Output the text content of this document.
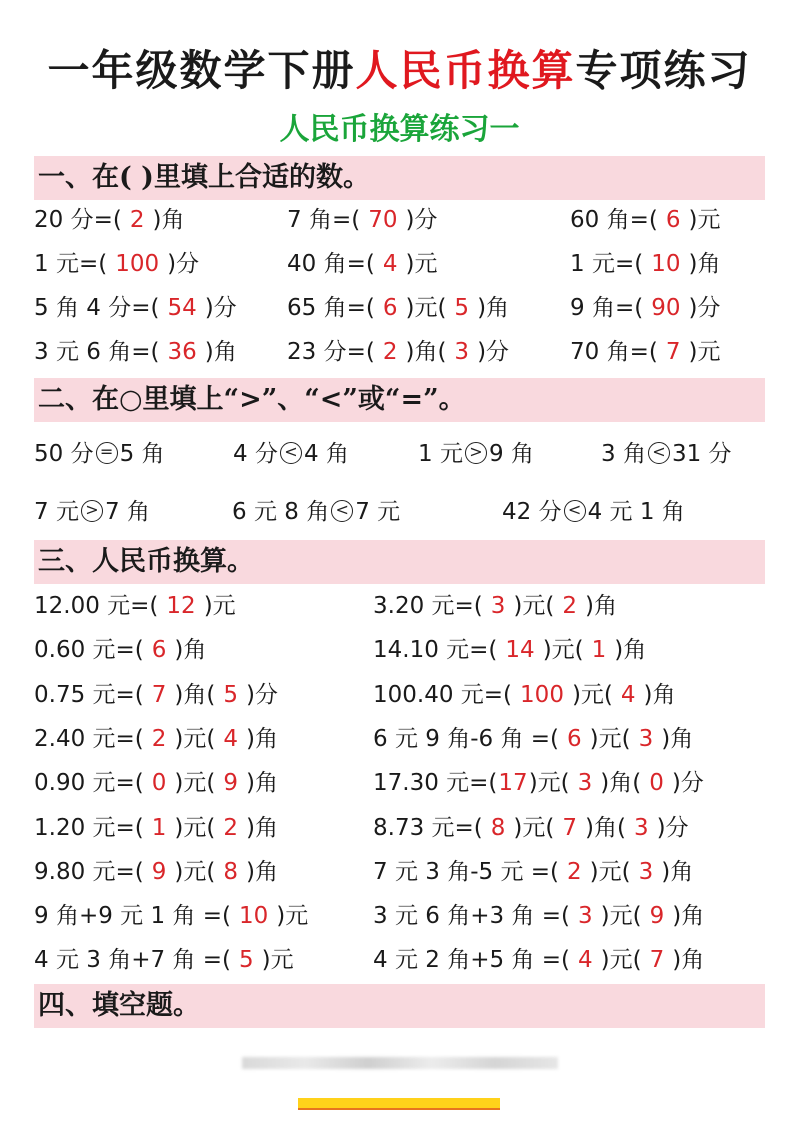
一年级数学下册人民币换算专项练习
人民币换算练习一
一、在( )里填上合适的数。
20 分=( 2 )角	7 角=( 70 )分	60 角=( 6 )元
1 元=( 100 )分	40 角=( 4 )元	1 元=( 10 )角
5 角 4 分=( 54 )分 65 角=( 6 )元( 5 )角	9 角=( 90 )分
3 元 6 角=( 36 )角 23 分=( 2 )角( 3 )分	70 角=( 7 )元
二、在○里填上“>”、“<”或“=”。
50 分 = 5 角	4 分 < 4 角	1 元 > 9 角	3 角 < 31 分
7 元 > 7 角	6 元 8 角 < 7 元	42 分 < 4 元 1 角
三、人民币换算。
12.00 元=( 12 )元	3.20 元=( 3 )元( 2 )角
0.60 元=( 6 )角	14.10 元=( 14 )元( 1 )角
0.75 元=( 7 )角( 5 )分	100.40 元=( 100 )元( 4 )角
2.40 元=( 2 )元( 4 )角	6 元 9 角-6 角 =( 6 )元( 3 )角
0.90 元=( 0 )元( 9 )角	17.30 元=(17)元( 3 )角( 0 )分
1.20 元=( 1 )元( 2 )角	8.73 元=( 8 )元( 7 )角( 3 )分
9.80 元=( 9 )元( 8 )角	7 元 3 角-5 元 =( 2 )元( 3 )角
9 角+9 元 1 角 =( 10 )元	3 元 6 角+3 角 =( 3 )元( 9 )角
4 元 3 角+7 角 =( 5 )元	4 元 2 角+5 角 =( 4 )元( 7 )角
四、填空题。
